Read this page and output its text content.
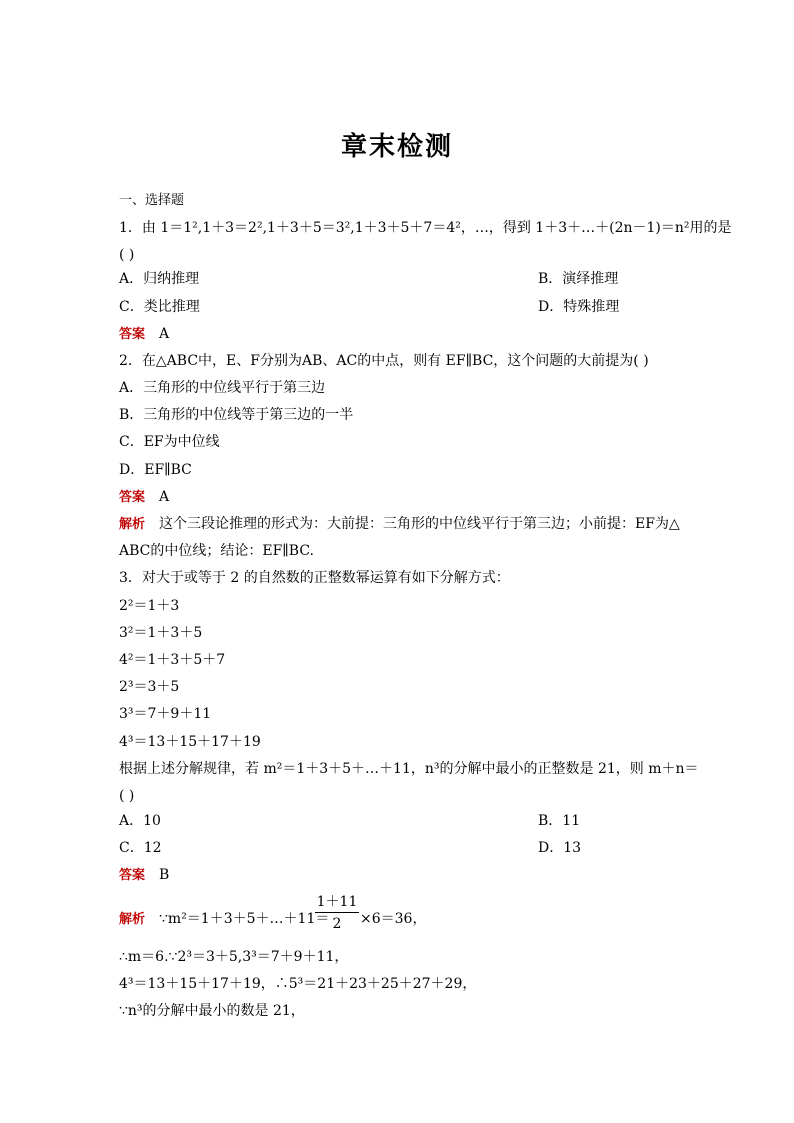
章末检测
一、选择题
1．由 1＝1²,1＋3＝2²,1＋3＋5＝3²,1＋3＋5＋7＝4²，…，得到 1＋3＋…＋(2n－1)＝n²用的是
( )
A．归纳推理	B．演绎推理
C．类比推理	D．特殊推理
答案 A
2．在△ABC中，E、F分别为AB、AC的中点，则有 EF∥BC，这个问题的大前提为( )
A．三角形的中位线平行于第三边
B．三角形的中位线等于第三边的一半
C．EF为中位线
D．EF∥BC
答案 A
解析 这个三段论推理的形式为：大前提：三角形的中位线平行于第三边；小前提：EF为△
ABC的中位线；结论：EF∥BC.
3．对大于或等于 2 的自然数的正整数幂运算有如下分解方式：
2²＝1＋3
3²＝1＋3＋5
4²＝1＋3＋5＋7
2³＝3＋5
3³＝7＋9＋11
4³＝13＋15＋17＋19
根据上述分解规律，若 m²＝1＋3＋5＋…＋11，n³的分解中最小的正整数是 21，则 m＋n＝
( )
A．10	B．11
C．12	D．13
答案 B
解析 ∵m²＝1＋3＋5＋…＋11＝
1＋11
2	×6＝36，
∴m＝6.∵2³＝3＋5,3³＝7＋9＋11，
4³＝13＋15＋17＋19，∴5³＝21＋23＋25＋27＋29，
∵n³的分解中最小的数是 21，
